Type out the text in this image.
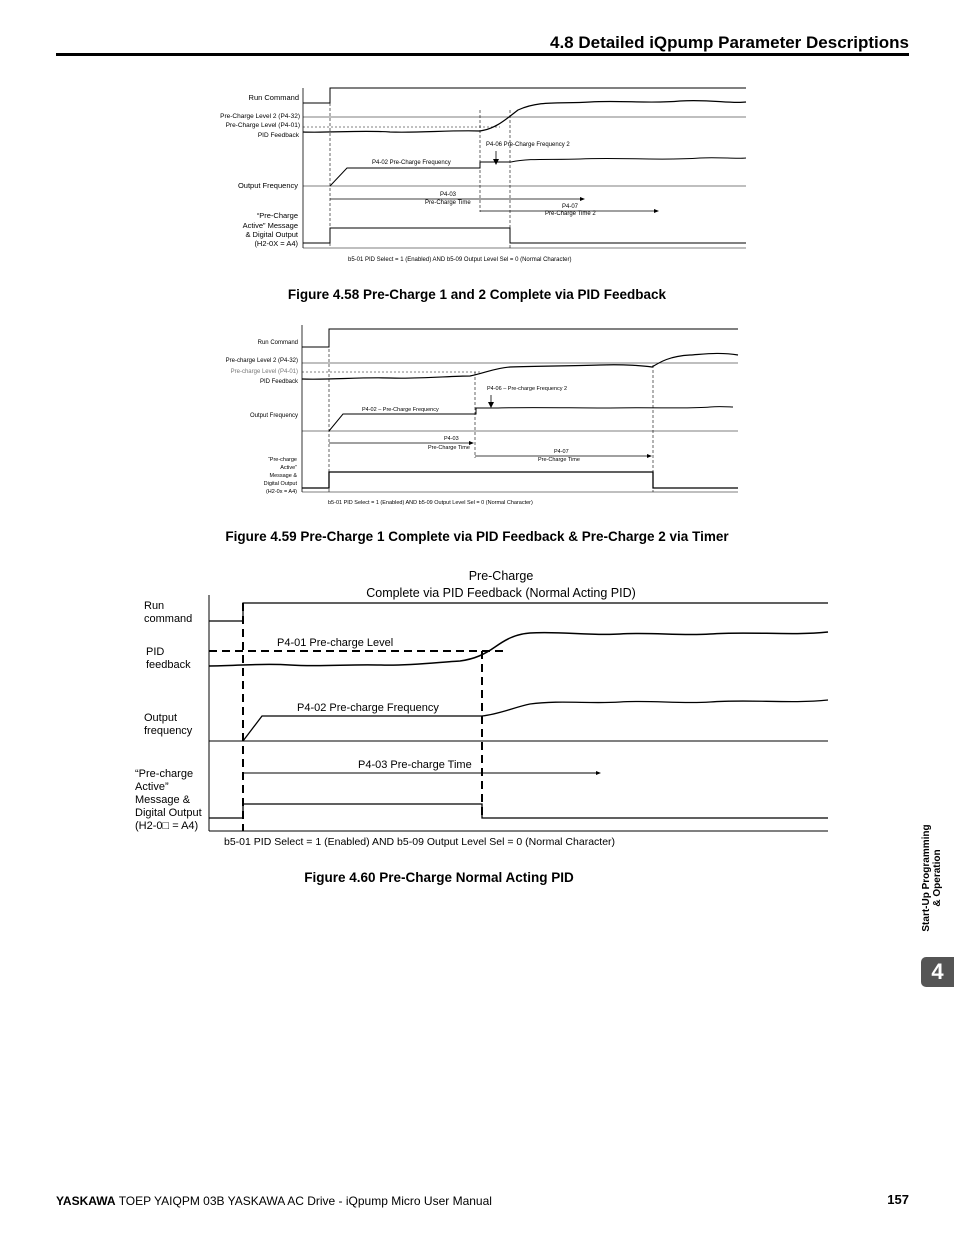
4.8 Detailed iQpump Parameter Descriptions
Run Command
Pre-Charge Level 2 (P4-32)
Pre-Charge Level (P4-01)
PID Feedback
Output Frequency
“Pre-Charge
Active” Message
& Digital Output
(H2-0X = A4)
P4-06 Pre-Charge Frequency 2
P4-02 Pre-Charge Frequency
P4-03
Pre-Charge Time
P4-07
Pre-Charge Time 2
b5-01 PID Select = 1 (Enabled) AND b5-09 Output Level Sel = 0 (Normal Character)
Figure 4.58 Pre-Charge 1 and 2 Complete via PID Feedback
Run Command
Pre-charge Level 2 (P4-32)
Pre-charge Level (P4-01)
PID Feedback
Output Frequency
“Pre-charge
Active”
Message &
Digital Output
(H2-0x = A4)
P4-06 – Pre-charge Frequency 2
P4-02 – Pre-Charge Frequency
P4-03
Pre-Charge Time
P4-07
Pre-Charge Time
b5-01 PID Select = 1 (Enabled) AND b5-09 Output Level Sel = 0 (Normal Character)
Figure 4.59 Pre-Charge 1 Complete via PID Feedback & Pre-Charge 2 via Timer
Pre-Charge
Complete via PID Feedback (Normal Acting PID)
Run
command
PID
feedback
Output
frequency
“Pre-charge
Active”
Message &
Digital Output
(H2-0□ = A4)
P4-01 Pre-charge Level
P4-02 Pre-charge Frequency
P4-03 Pre-charge Time
b5-01 PID Select = 1 (Enabled) AND b5-09 Output Level Sel = 0 (Normal Character)
Figure 4.60 Pre-Charge Normal Acting PID
Start-Up Programming
& Operation
4
YASKAWA TOEP YAIQPM 03B YASKAWA AC Drive - iQpump Micro User Manual	157
